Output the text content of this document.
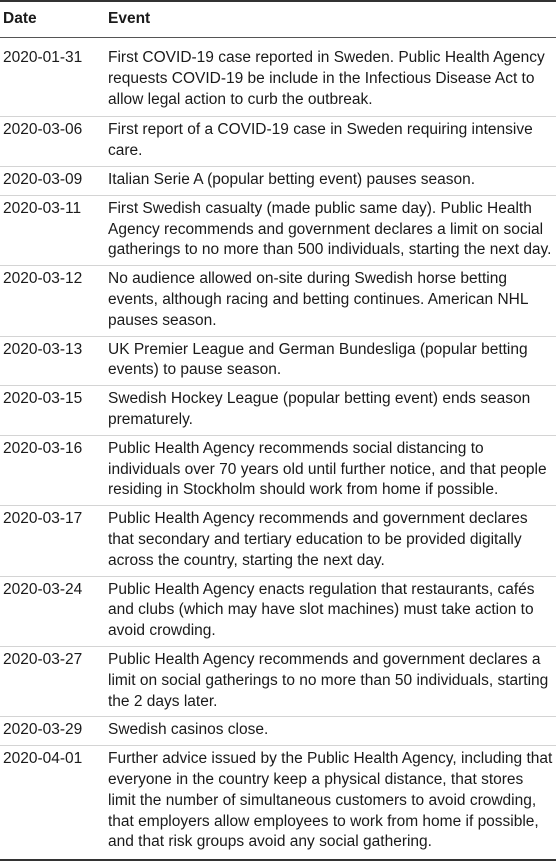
Date	Event
2020-01-31	First COVID-19 case reported in Sweden. Public Health Agency requests COVID-19 be include in the Infectious Disease Act to allow legal action to curb the outbreak.
2020-03-06	First report of a COVID-19 case in Sweden requiring intensive care.
2020-03-09	Italian Serie A (popular betting event) pauses season.
2020-03-11	First Swedish casualty (made public same day). Public Health Agency recommends and government declares a limit on social gatherings to no more than 500 individuals, starting the next day.
2020-03-12	No audience allowed on-site during Swedish horse betting events, although racing and betting continues. American NHL pauses season.
2020-03-13	UK Premier League and German Bundesliga (popular betting events) to pause season.
2020-03-15	Swedish Hockey League (popular betting event) ends season prematurely.
2020-03-16	Public Health Agency recommends social distancing to individuals over 70 years old until further notice, and that people residing in Stockholm should work from home if possible.
2020-03-17	Public Health Agency recommends and government declares that secondary and tertiary education to be provided digitally across the country, starting the next day.
2020-03-24	Public Health Agency enacts regulation that restaurants, cafés and clubs (which may have slot machines) must take action to avoid crowding.
2020-03-27	Public Health Agency recommends and government declares a limit on social gatherings to no more than 50 individuals, starting the 2 days later.
2020-03-29	Swedish casinos close.
2020-04-01	Further advice issued by the Public Health Agency, including that everyone in the country keep a physical distance, that stores limit the number of simultaneous customers to avoid crowding, that employers allow employees to work from home if possible, and that risk groups avoid any social gathering.
